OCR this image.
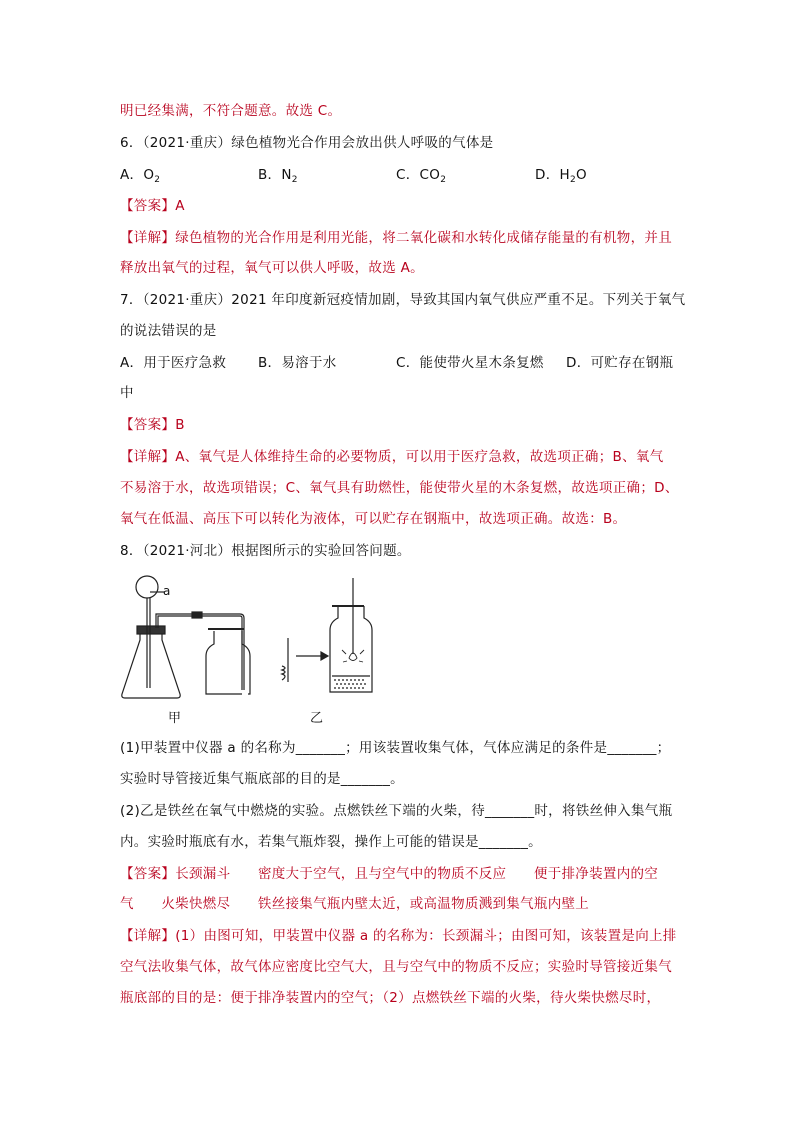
明已经集满，不符合题意。故选 C。
6．（2021·重庆）绿色植物光合作用会放出供人呼吸的气体是
A．$O_2$	B．$N_2$	C．$CO_2$	D．$H_2O$
【答案】A
【详解】绿色植物的光合作用是利用光能，将二氧化碳和水转化成储存能量的有机物，并且
释放出氧气的过程，氧气可以供人呼吸，故选 A。
7．（2021·重庆）2021 年印度新冠疫情加剧，导致其国内氧气供应严重不足。下列关于氧气
的说法错误的是
A．用于医疗急救 B．易溶于水	C．能使带火星木条复燃 D．可贮存在钢瓶
中
【答案】B
【详解】A、氧气是人体维持生命的必要物质，可以用于医疗急救，故选项正确；B、氧气
不易溶于水，故选项错误；C、氧气具有助燃性，能使带火星的木条复燃，故选项正确；D、
氧气在低温、高压下可以转化为液体，可以贮存在钢瓶中，故选项正确。故选：B。
8．（2021·河北）根据图所示的实验回答问题。
a
甲	乙
(1)甲装置中仪器 a 的名称为_______；用该装置收集气体，气体应满足的条件是_______；
实验时导管接近集气瓶底部的目的是_______。
(2)乙是铁丝在氧气中燃烧的实验。点燃铁丝下端的火柴，待_______时，将铁丝伸入集气瓶
内。实验时瓶底有水，若集气瓶炸裂，操作上可能的错误是_______。
【答案】长颈漏斗      密度大于空气，且与空气中的物质不反应      便于排净装置内的空
气      火柴快燃尽      铁丝接集气瓶内壁太近，或高温物质溅到集气瓶内壁上
【详解】(1）由图可知，甲装置中仪器 a 的名称为：长颈漏斗；由图可知，该装置是向上排
空气法收集气体，故气体应密度比空气大，且与空气中的物质不反应；实验时导管接近集气
瓶底部的目的是：便于排净装置内的空气；（2）点燃铁丝下端的火柴，待火柴快燃尽时，
